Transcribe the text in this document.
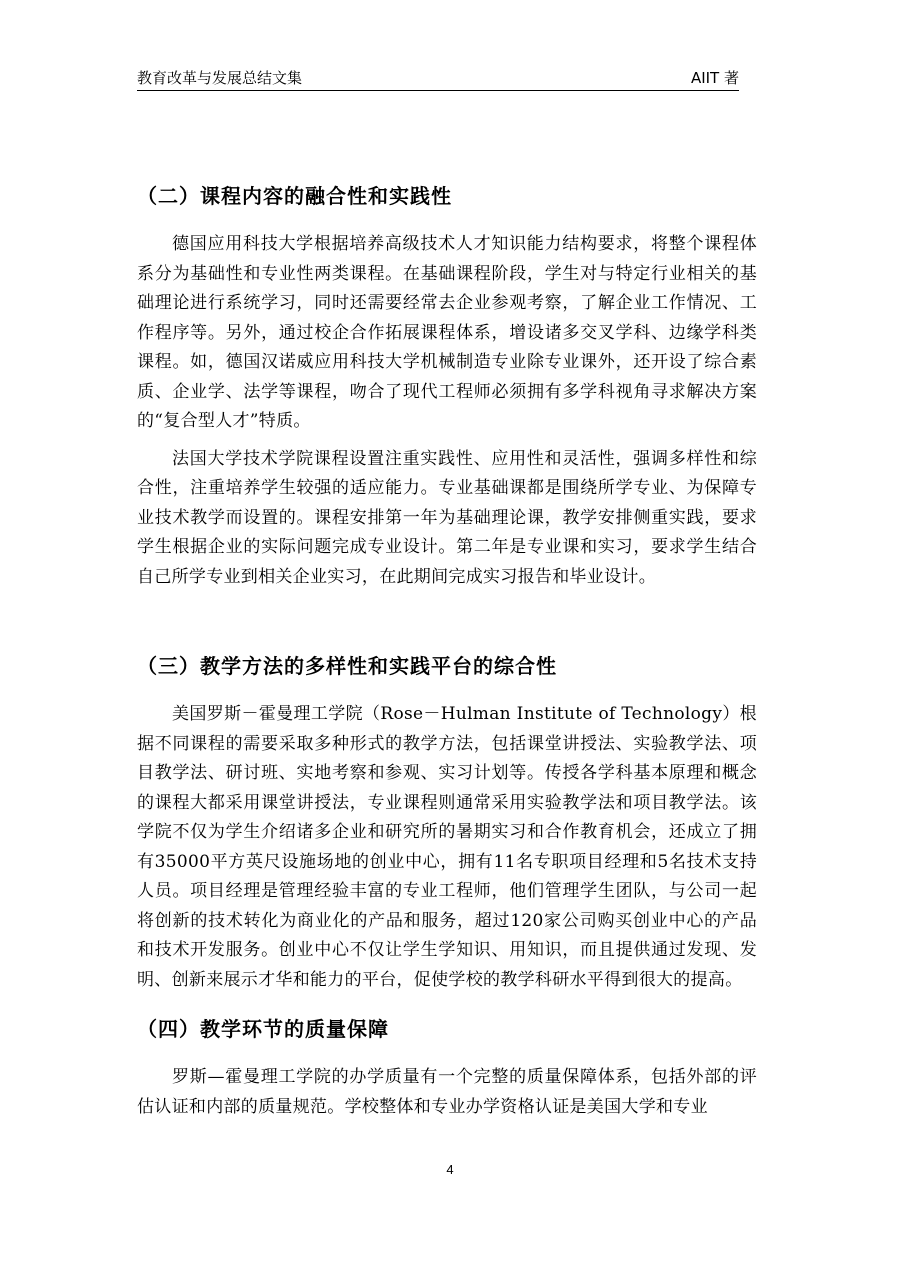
教育改革与发展总结文集	AIIT 著
（二）课程内容的融合性和实践性

德国应用科技大学根据培养高级技术人才知识能力结构要求，将整个课程体系分为基础性和专业性两类课程。在基础课程阶段，学生对与特定行业相关的基础理论进行系统学习，同时还需要经常去企业参观考察，了解企业工作情况、工作程序等。另外，通过校企合作拓展课程体系，增设诸多交叉学科、边缘学科类课程。如，德国汉诺威应用科技大学机械制造专业除专业课外，还开设了综合素质、企业学、法学等课程，吻合了现代工程师必须拥有多学科视角寻求解决方案的“复合型人才”特质。

法国大学技术学院课程设置注重实践性、应用性和灵活性，强调多样性和综合性，注重培养学生较强的适应能力。专业基础课都是围绕所学专业、为保障专业技术教学而设置的。课程安排第一年为基础理论课，教学安排侧重实践，要求学生根据企业的实际问题完成专业设计。第二年是专业课和实习，要求学生结合自己所学专业到相关企业实习，在此期间完成实习报告和毕业设计。

（三）教学方法的多样性和实践平台的综合性

美国罗斯－霍曼理工学院（Rose－Hulman Institute of Technology）根据不同课程的需要采取多种形式的教学方法，包括课堂讲授法、实验教学法、项目教学法、研讨班、实地考察和参观、实习计划等。传授各学科基本原理和概念的课程大都采用课堂讲授法，专业课程则通常采用实验教学法和项目教学法。该学院不仅为学生介绍诸多企业和研究所的暑期实习和合作教育机会，还成立了拥有35000平方英尺设施场地的创业中心，拥有11名专职项目经理和5名技术支持人员。项目经理是管理经验丰富的专业工程师，他们管理学生团队，与公司一起将创新的技术转化为商业化的产品和服务，超过120家公司购买创业中心的产品和技术开发服务。创业中心不仅让学生学知识、用知识，而且提供通过发现、发明、创新来展示才华和能力的平台，促使学校的教学科研水平得到很大的提高。

（四）教学环节的质量保障

罗斯—霍曼理工学院的办学质量有一个完整的质量保障体系，包括外部的评估认证和内部的质量规范。学校整体和专业办学资格认证是美国大学和专业

4
